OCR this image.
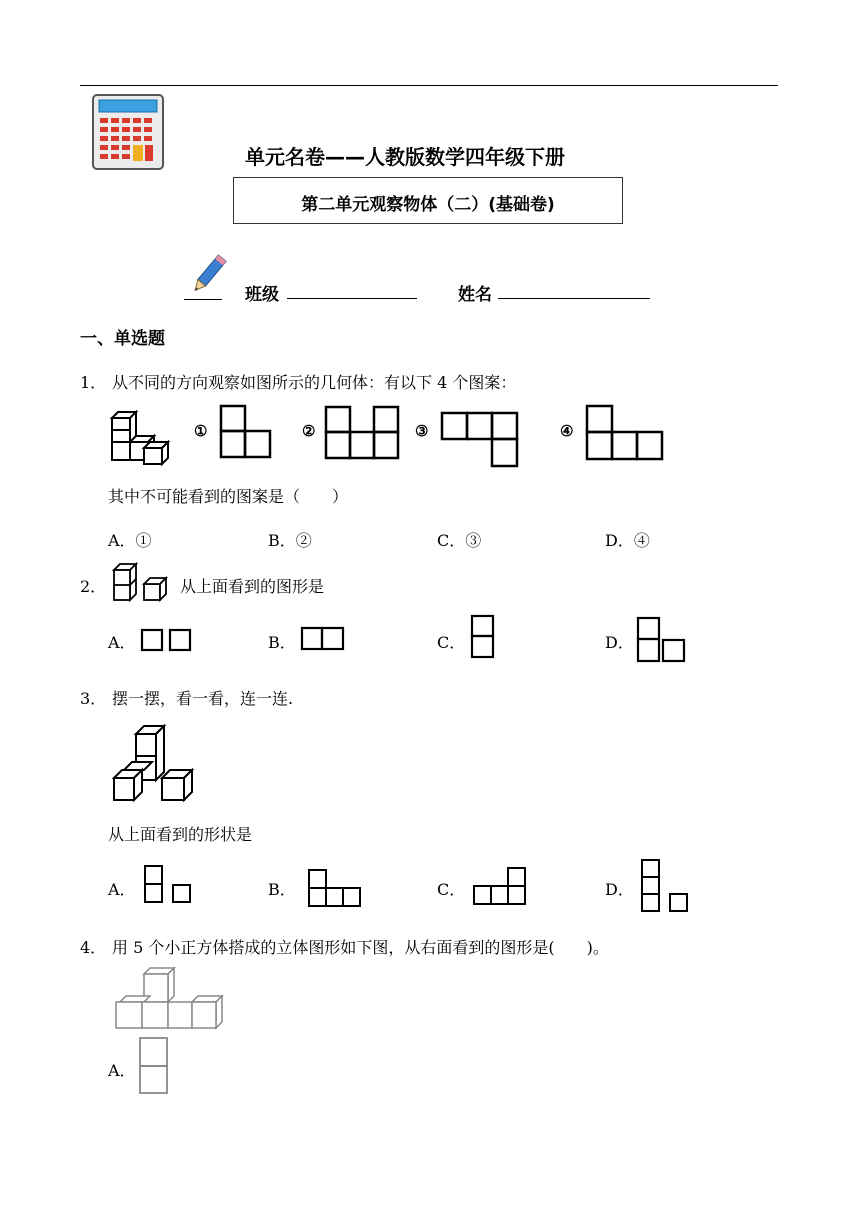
单元名卷——人教版数学四年级下册
第二单元观察物体（二）(基础卷)
班级	姓名
一、单选题
1． 从不同的方向观察如图所示的几何体：有以下 4 个图案：
①	②	③	④
其中不可能看到的图案是（　　）
A．①	B．②	C．③	D．④
2．	从上面看到的图形是
A．	B．	C．	D．
3． 摆一摆，看一看，连一连.
从上面看到的形状是
A．	B．	C．	D．
4． 用 5 个小正方体搭成的立体图形如下图，从右面看到的图形是(　　)。
A．
